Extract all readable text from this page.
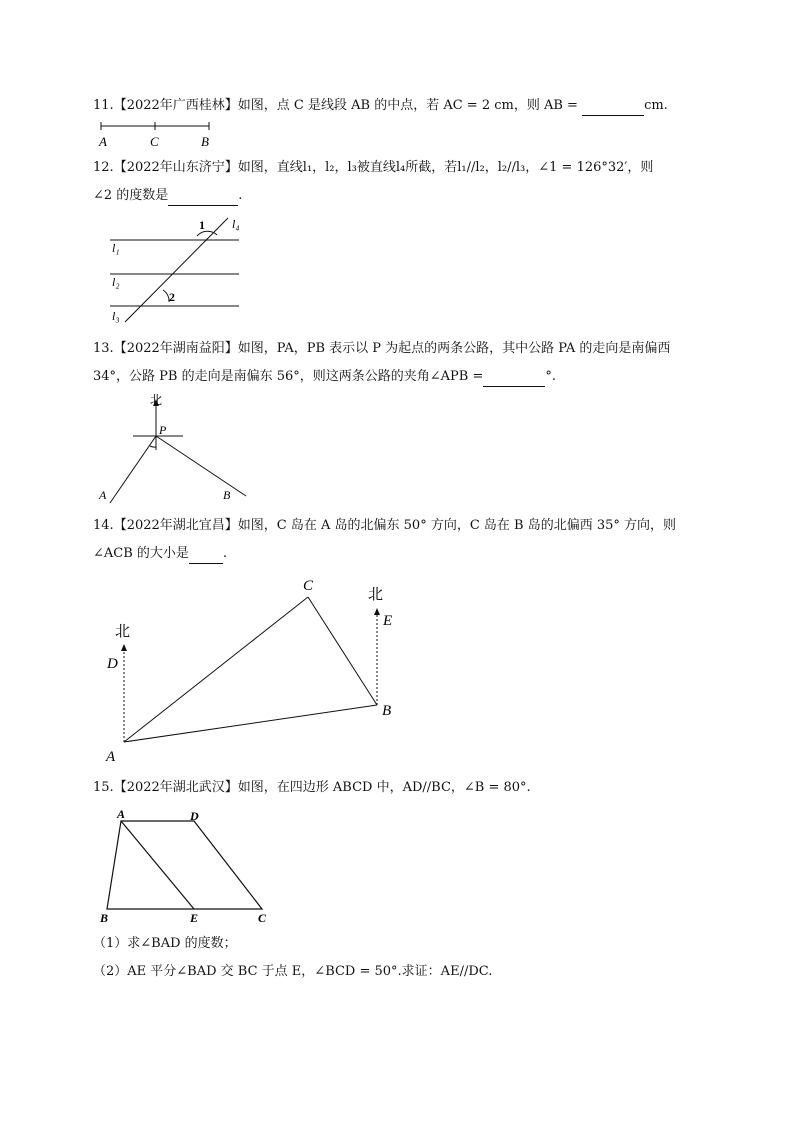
11.【2022年广西桂林】如图，点 C 是线段 AB 的中点，若 AC = 2 cm，则 AB =	cm.

A	C	B

12.【2022年山东济宁】如图，直线l₁，l₂，l₃被直线l₄所截，若l₁//l₂，l₂//l₃，∠1 = 126°32′，则

∠2 的度数是	.

l₁
l₂
l₃
l₄
1
2

13.【2022年湖南益阳】如图，PA，PB 表示以 P 为起点的两条公路，其中公路 PA 的走向是南偏西

34°，公路 PB 的走向是南偏东 56°，则这两条公路的夹角∠APB =	°.

北
P
A	B

14.【2022年湖北宜昌】如图，C 岛在 A 岛的北偏东 50° 方向，C 岛在 B 岛的北偏西 35° 方向，则

∠ACB 的大小是	.

北
北
D
E
C
B
A

15.【2022年湖北武汉】如图，在四边形 ABCD 中，AD//BC，∠B = 80°.

A	D
B	E	C

（1）求∠BAD 的度数；

（2）AE 平分∠BAD 交 BC 于点 E，∠BCD = 50°.求证：AE//DC.
